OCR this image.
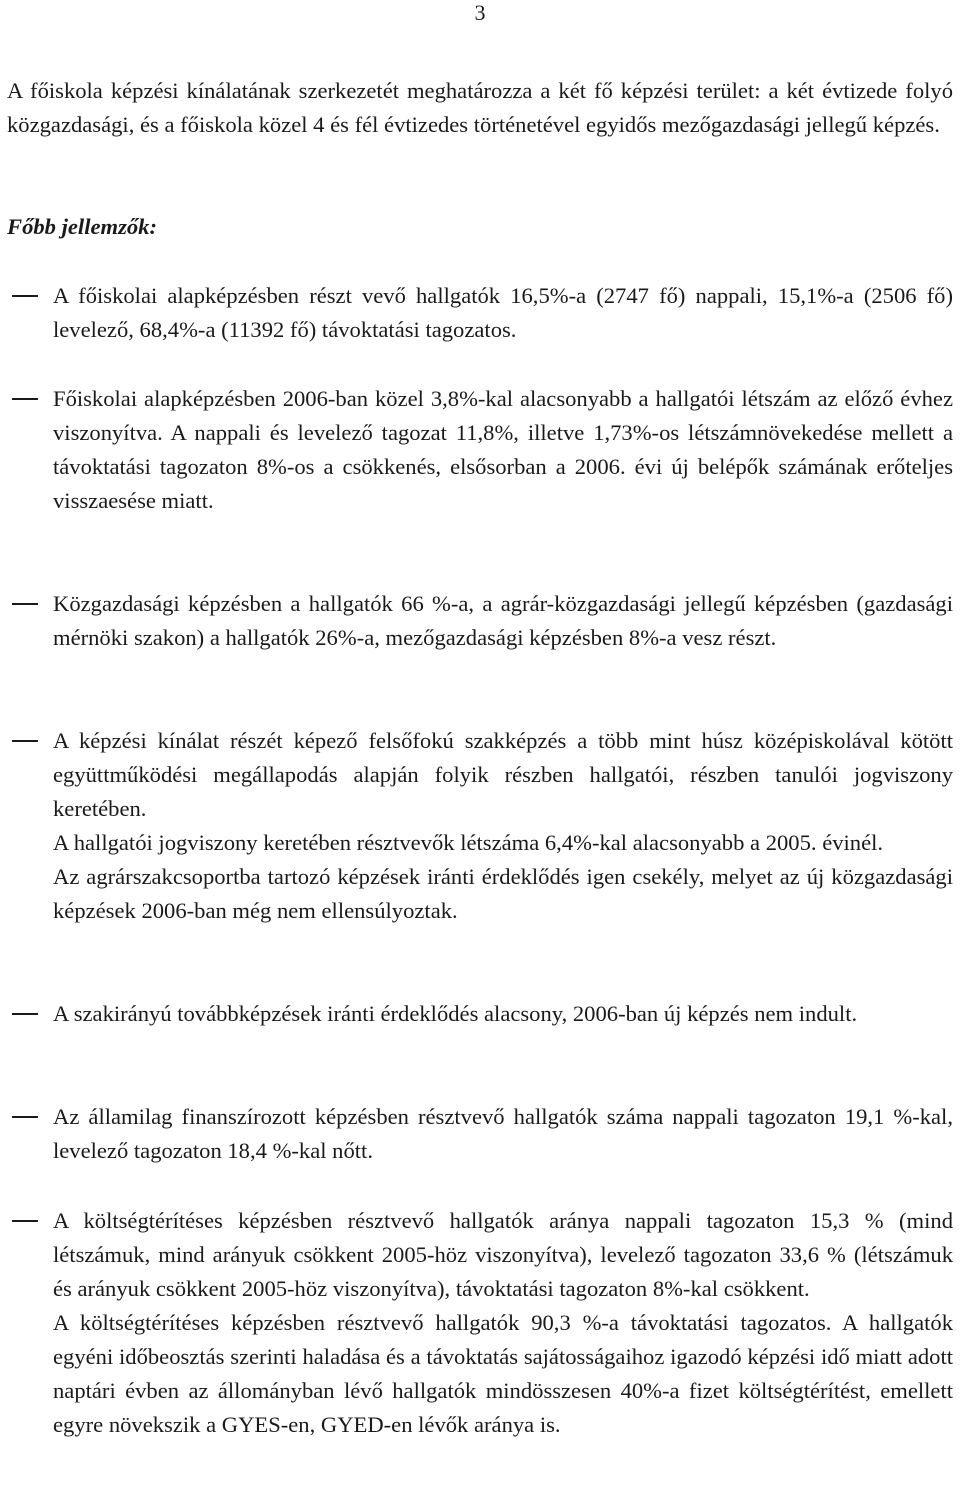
3

A főiskola képzési kínálatának szerkezetét meghatározza a két fő képzési terület: a két évtizede folyó közgazdasági, és a főiskola közel 4 és fél évtizedes történetével egyidős mezőgazdasági jellegű képzés.

Főbb jellemzők:

A főiskolai alapképzésben részt vevő hallgatók 16,5%-a (2747 fő) nappali, 15,1%-a (2506 fő) levelező, 68,4%-a (11392 fő) távoktatási tagozatos.

Főiskolai alapképzésben 2006-ban közel 3,8%-kal alacsonyabb a hallgatói létszám az előző évhez viszonyítva. A nappali és levelező tagozat 11,8%, illetve 1,73%-os létszámnövekedése mellett a távoktatási tagozaton 8%-os a csökkenés, elsősorban a 2006. évi új belépők számának erőteljes visszaesése miatt.

Közgazdasági képzésben a hallgatók 66 %-a, a agrár-közgazdasági jellegű képzésben (gazdasági mérnöki szakon) a hallgatók 26%-a, mezőgazdasági képzésben 8%-a vesz részt.

A képzési kínálat részét képező felsőfokú szakképzés a több mint húsz középiskolával kötött együttműködési megállapodás alapján folyik részben hallgatói, részben tanulói jogviszony keretében.

A hallgatói jogviszony keretében résztvevők létszáma 6,4%-kal alacsonyabb a 2005. évinél.

Az agrárszakcsoportba tartozó képzések iránti érdeklődés igen csekély, melyet az új közgazdasági képzések 2006-ban még nem ellensúlyoztak.

A szakirányú továbbképzések iránti érdeklődés alacsony, 2006-ban új képzés nem indult.

Az államilag finanszírozott képzésben résztvevő hallgatók száma nappali tagozaton 19,1 %-kal, levelező tagozaton 18,4 %-kal nőtt.

A költségtérítéses képzésben résztvevő hallgatók aránya nappali tagozaton 15,3 % (mind létszámuk, mind arányuk csökkent 2005-höz viszonyítva), levelező tagozaton 33,6 % (létszámuk és arányuk csökkent 2005-höz viszonyítva), távoktatási tagozaton 8%-kal csökkent.

A költségtérítéses képzésben résztvevő hallgatók 90,3 %-a távoktatási tagozatos. A hallgatók egyéni időbeosztás szerinti haladása és a távoktatás sajátosságaihoz igazodó képzési idő miatt adott naptári évben az állományban lévő hallgatók mindösszesen 40%-a fizet költségtérítést, emellett egyre növekszik a GYES-en, GYED-en lévők aránya is.
